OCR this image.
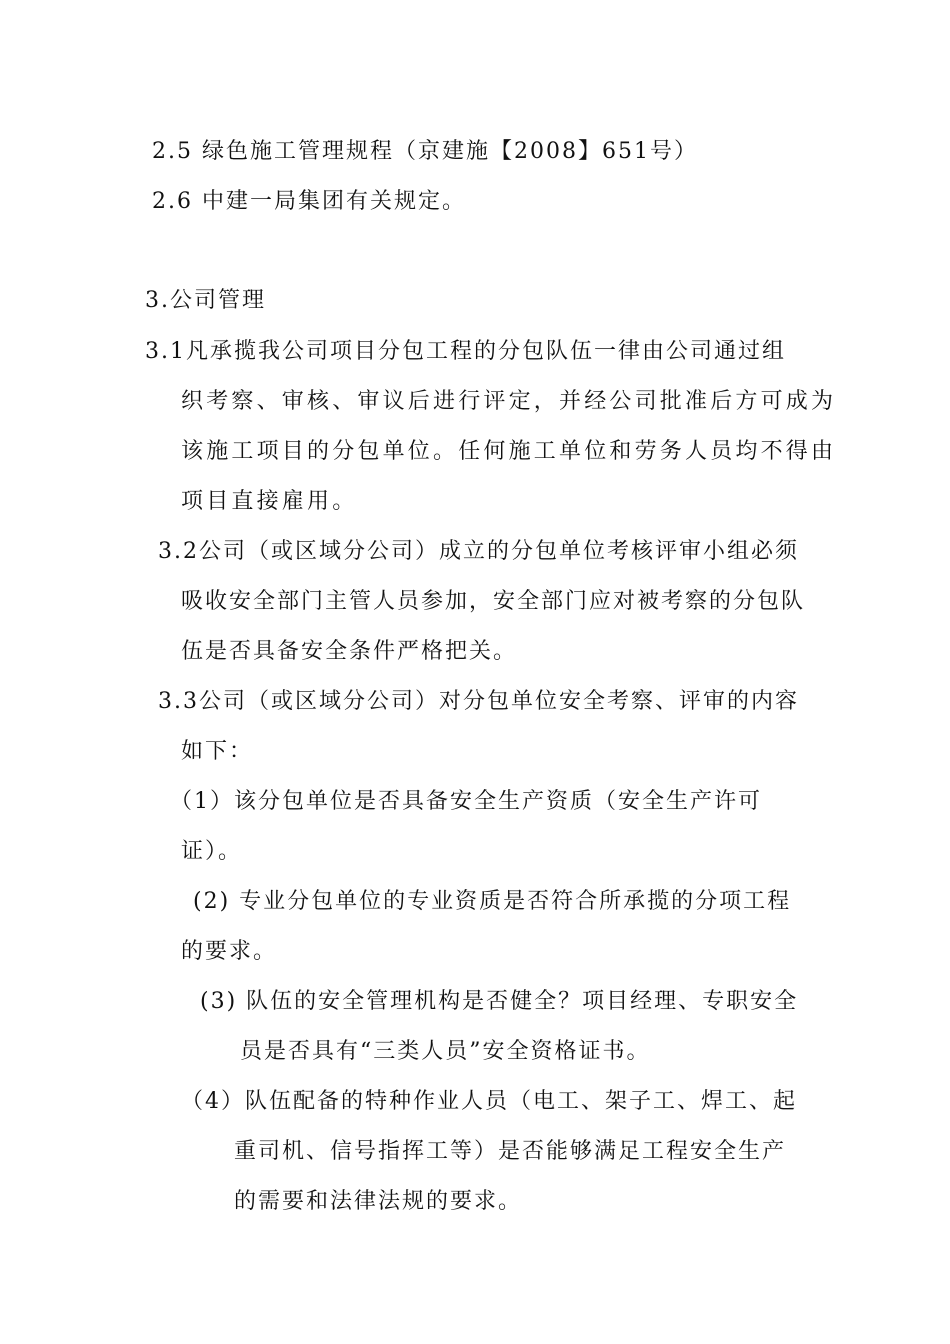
2.5 绿色施工管理规程（京建施【2008】651号）
2.6 中建一局集团有关规定。
3.公司管理
3.1凡承揽我公司项目分包工程的分包队伍一律由公司通过组
织考察、审核、审议后进行评定，并经公司批准后方可成为
该施工项目的分包单位。任何施工单位和劳务人员均不得由
项目直接雇用。
3.2公司（或区域分公司）成立的分包单位考核评审小组必须
吸收安全部门主管人员参加，安全部门应对被考察的分包队
伍是否具备安全条件严格把关。
3.3公司（或区域分公司）对分包单位安全考察、评审的内容
如下：
（1）该分包单位是否具备安全生产资质（安全生产许可
证）。
(2) 专业分包单位的专业资质是否符合所承揽的分项工程
的要求。
(3) 队伍的安全管理机构是否健全？项目经理、专职安全
员是否具有“三类人员”安全资格证书。
（4）队伍配备的特种作业人员（电工、架子工、焊工、起
重司机、信号指挥工等）是否能够满足工程安全生产
的需要和法律法规的要求。
